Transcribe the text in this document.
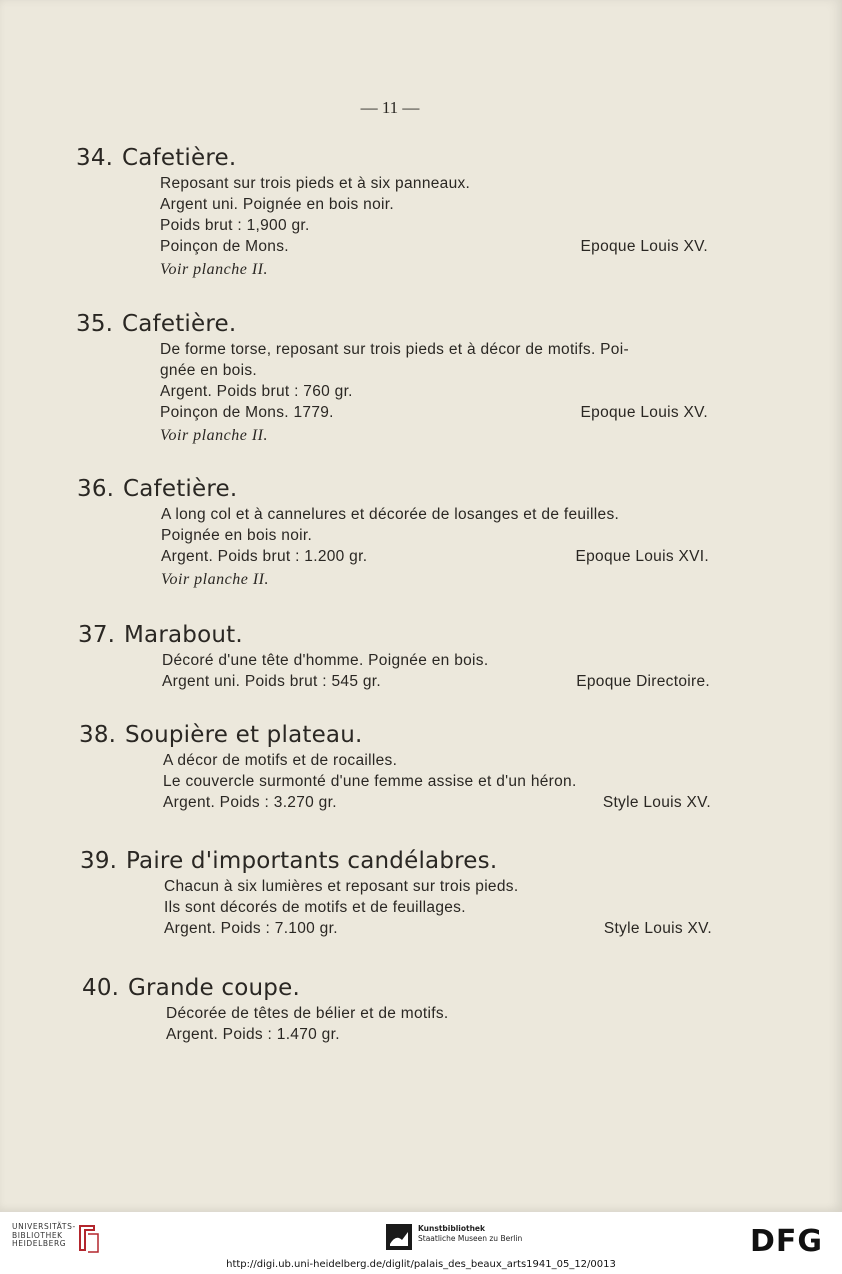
— 11 —
34. Cafetière.
Reposant sur trois pieds et à six panneaux.
Argent uni. Poignée en bois noir.
Poids brut : 1,900 gr.
Poinçon de Mons.	Epoque Louis XV.
Voir planche II.
35. Cafetière.
De forme torse, reposant sur trois pieds et à décor de motifs. Poi-
gnée en bois.
Argent. Poids brut : 760 gr.
Poinçon de Mons. 1779.	Epoque Louis XV.
Voir planche II.
36. Cafetière.
A long col et à cannelures et décorée de losanges et de feuilles.
Poignée en bois noir.
Argent. Poids brut : 1.200 gr.	Epoque Louis XVI.
Voir planche II.
37. Marabout.
Décoré d'une tête d'homme. Poignée en bois.
Argent uni. Poids brut : 545 gr.	Epoque Directoire.
38. Soupière et plateau.
A décor de motifs et de rocailles.
Le couvercle surmonté d'une femme assise et d'un héron.
Argent. Poids : 3.270 gr.	Style Louis XV.
39. Paire d'importants candélabres.
Chacun à six lumières et reposant sur trois pieds.
Ils sont décorés de motifs et de feuillages.
Argent. Poids : 7.100 gr.	Style Louis XV.
40. Grande coupe.
Décorée de têtes de bélier et de motifs.
Argent. Poids : 1.470 gr.
UNIVERSITÄTS-
BIBLIOTHEK
HEIDELBERG
Kunstbibliothek
Staatliche Museen zu Berlin	DFG
http://digi.ub.uni-heidelberg.de/diglit/palais_des_beaux_arts1941_05_12/0013
